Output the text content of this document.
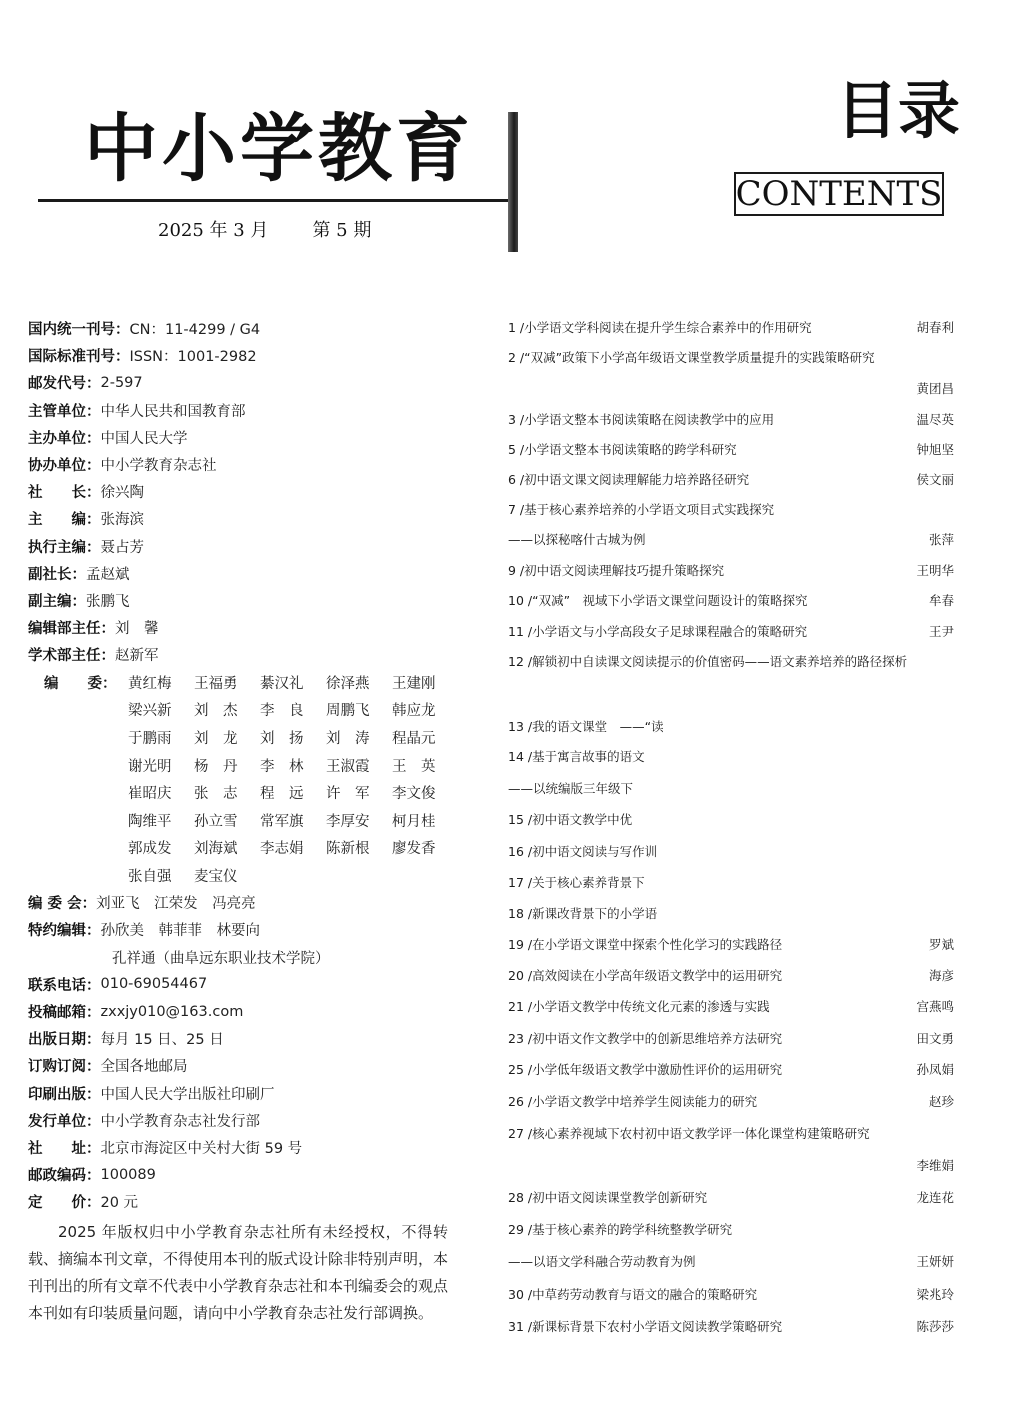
中小学教育
2025 年 3 月 第 5 期
目录
CONTENTS
国内统一刊号： CN：11-4299 / G4
国际标准刊号： ISSN：1001-2982
邮发代号： 2-597
主管单位： 中华人民共和国教育部
主办单位： 中国人民大学
协办单位： 中小学教育杂志社
社　　长： 徐兴陶
主　　编： 张海滨
执行主编： 聂占芳
副社长： 孟赵斌
副主编： 张鹏飞
编辑部主任： 刘　馨
学术部主任： 赵新军
编　　委： 黄红梅	王福勇	綦汉礼	徐泽燕	王建刚
梁兴新	刘　杰	李　良	周鹏飞	韩应龙
于鹏雨	刘　龙	刘　扬	刘　涛	程晶元
谢光明	杨　丹	李　林	王淑霞	王　英
崔昭庆	张　志	程　远	许　军	李文俊
陶维平	孙立雪	常军旗	李厚安	柯月桂
郭成发	刘海斌	李志娟	陈新根	廖发香
张自强	麦宝仪
编 委 会： 刘亚飞　江荣发　冯亮亮
特约编辑： 孙欣美　韩菲菲　林要向
孔祥通（曲阜远东职业技术学院）
联系电话： 010-69054467
投稿邮箱： zxxjy010@163.com
出版日期： 每月 15 日、25 日
订购订阅： 全国各地邮局
印刷出版： 中国人民大学出版社印刷厂
发行单位： 中小学教育杂志社发行部
社　　址： 北京市海淀区中关村大街 59 号
邮政编码： 100089
定　　价： 20 元
2025 年版权归中小学教育杂志社所有未经授权，不得转载、摘编本刊文章，不得使用本刊的版式设计除非特别声明，本刊刊出的所有文章不代表中小学教育杂志社和本刊编委会的观点本刊如有印装质量问题，请向中小学教育杂志社发行部调换。
1 /小学语文学科阅读在提升学生综合素养中的作用研究	胡春利
2 /“双减”政策下小学高年级语文课堂教学质量提升的实践策略研究
黄团昌
3 /小学语文整本书阅读策略在阅读教学中的应用	温尽英
5 /小学语文整本书阅读策略的跨学科研究	钟旭坚
6 /初中语文课文阅读理解能力培养路径研究	侯文丽
7 /基于核心素养培养的小学语文项目式实践探究
——以探秘喀什古城为例	张萍
9 /初中语文阅读理解技巧提升策略探究	王明华
10 /“双减”　视域下小学语文课堂问题设计的策略探究	牟春
11 /小学语文与小学高段女子足球课程融合的策略研究	王尹
12 /解锁初中自读课文阅读提示的价值密码——语文素养培养的路径探析
13 /我的语文课堂　——“读
14 /基于寓言故事的语文
——以统编版三年级下
15 /初中语文教学中优
16 /初中语文阅读与写作训
17 /关于核心素养背景下
18 /新课改背景下的小学语
19 /在小学语文课堂中探索个性化学习的实践路径	罗斌
20 /高效阅读在小学高年级语文教学中的运用研究	海彦
21 /小学语文教学中传统文化元素的渗透与实践	宫燕鸣
23 /初中语文作文教学中的创新思维培养方法研究	田文勇
25 /小学低年级语文教学中激励性评价的运用研究	孙凤娟
26 /小学语文教学中培养学生阅读能力的研究	赵珍
27 /核心素养视域下农村初中语文教学评一体化课堂构建策略研究
李维娟
28 /初中语文阅读课堂教学创新研究	龙连花
29 /基于核心素养的跨学科统整教学研究
——以语文学科融合劳动教育为例	王妍妍
30 /中草药劳动教育与语文的融合的策略研究	梁兆玲
31 /新课标背景下农村小学语文阅读教学策略研究	陈莎莎
